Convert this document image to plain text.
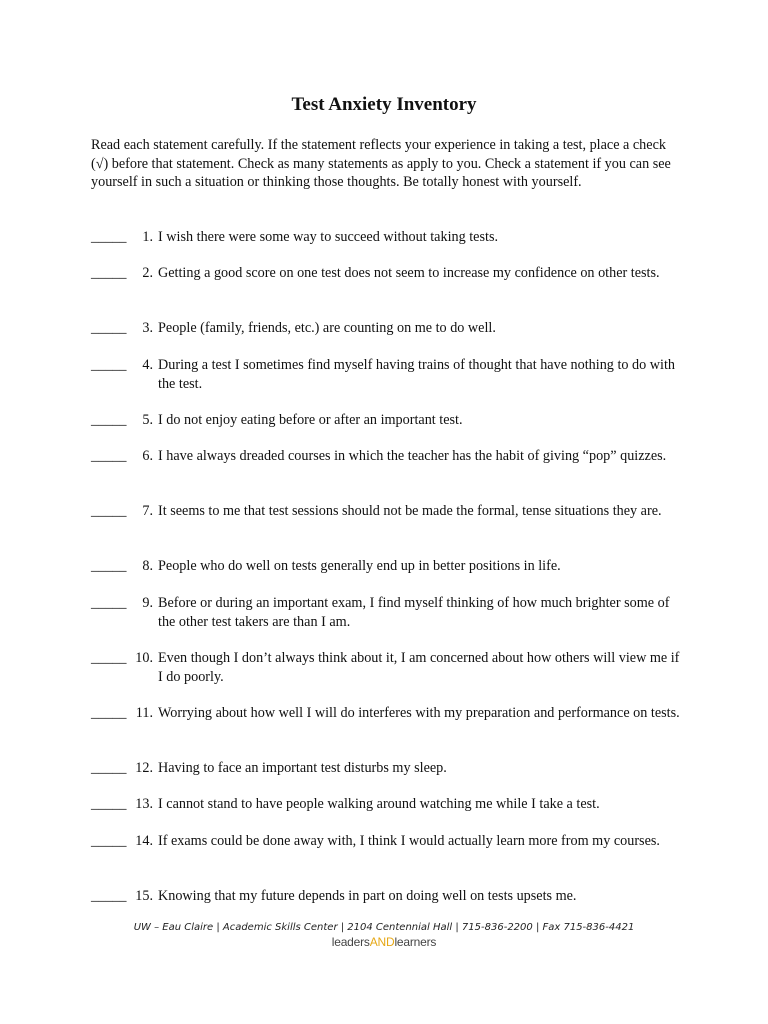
Test Anxiety Inventory
Read each statement carefully. If the statement reflects your experience in taking a test, place a check (√) before that statement. Check as many statements as apply to you. Check a statement if you can see yourself in such a situation or thinking those thoughts. Be totally honest with yourself.
_____	1. I wish there were some way to succeed without taking tests.
_____	2. Getting a good score on one test does not seem to increase my confidence on other tests.
_____	3. People (family, friends, etc.) are counting on me to do well.
_____	4. During a test I sometimes find myself having trains of thought that have nothing to do with the test.
_____	5. I do not enjoy eating before or after an important test.
_____	6. I have always dreaded courses in which the teacher has the habit of giving “pop” quizzes.
_____	7. It seems to me that test sessions should not be made the formal, tense situations they are.
_____	8. People who do well on tests generally end up in better positions in life.
_____	9. Before or during an important exam, I find myself thinking of how much brighter some of the other test takers are than I am.
_____ 10. Even though I don’t always think about it, I am concerned about how others will view me if I do poorly.
_____ 11. Worrying about how well I will do interferes with my preparation and performance on tests.
_____ 12. Having to face an important test disturbs my sleep.
_____ 13. I cannot stand to have people walking around watching me while I take a test.
_____ 14. If exams could be done away with, I think I would actually learn more from my courses.
_____ 15. Knowing that my future depends in part on doing well on tests upsets me.
UW – Eau Claire | Academic Skills Center | 2104 Centennial Hall | 715-836-2200 | Fax 715-836-4421
leadersANDlearners
